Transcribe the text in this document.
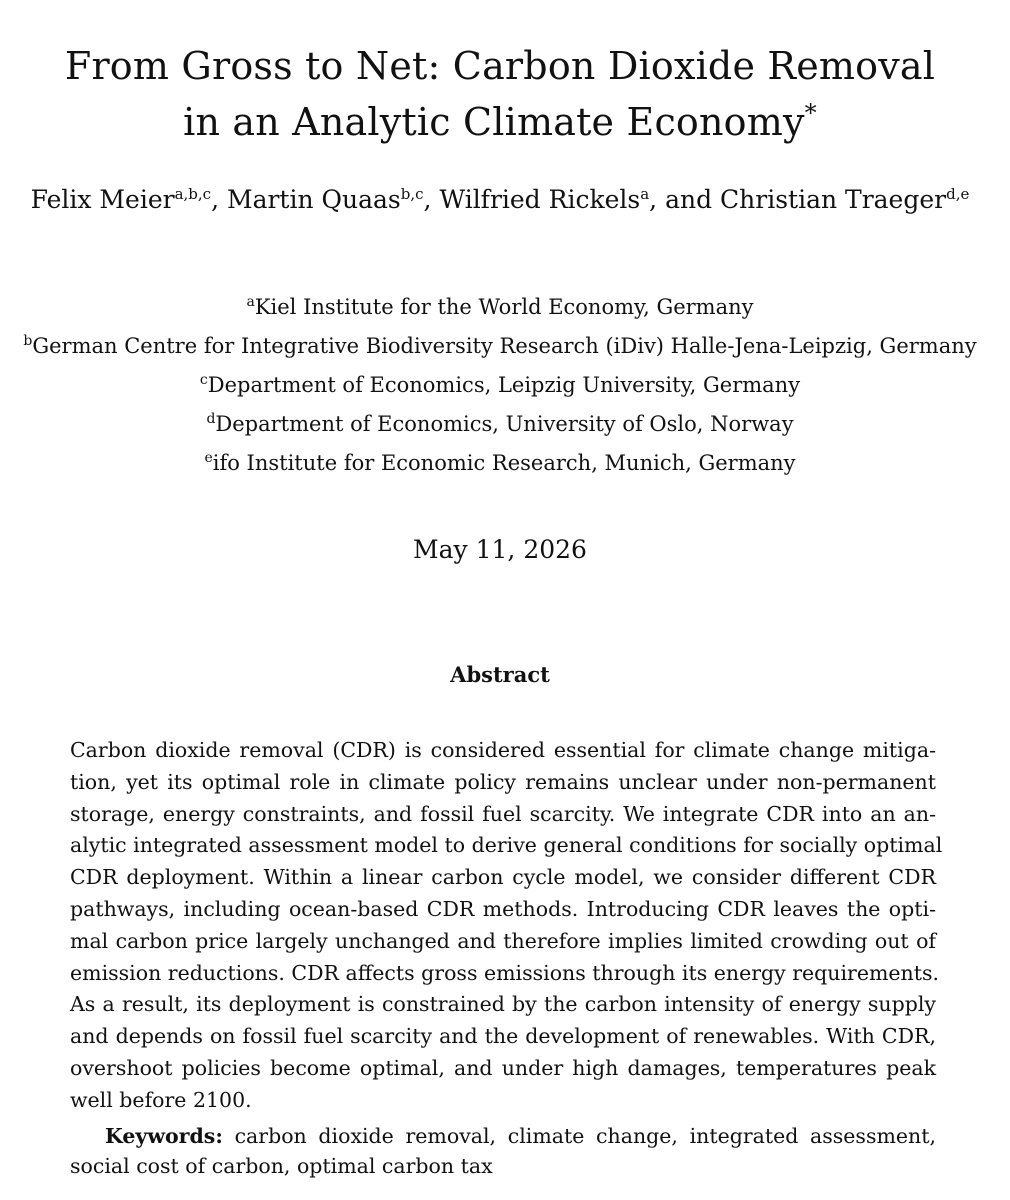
From Gross to Net: Carbon Dioxide Removal
in an Analytic Climate Economy*
Felix Meier$^{a,b,c}$, Martin Quaas$^{b,c}$, Wilfried Rickels$^a$, and Christian Traeger$^{d,e}$
$^a$Kiel Institute for the World Economy, Germany
$^b$German Centre for Integrative Biodiversity Research (iDiv) Halle-Jena-Leipzig, Germany
$^c$Department of Economics, Leipzig University, Germany
$^d$Department of Economics, University of Oslo, Norway
$^e$ifo Institute for Economic Research, Munich, Germany
May 11, 2026
Abstract
Carbon dioxide removal (CDR) is considered essential for climate change mitiga-
tion, yet its optimal role in climate policy remains unclear under non-permanent
storage, energy constraints, and fossil fuel scarcity. We integrate CDR into an an-
alytic integrated assessment model to derive general conditions for socially optimal
CDR deployment. Within a linear carbon cycle model, we consider different CDR
pathways, including ocean-based CDR methods. Introducing CDR leaves the opti-
mal carbon price largely unchanged and therefore implies limited crowding out of
emission reductions. CDR affects gross emissions through its energy requirements.
As a result, its deployment is constrained by the carbon intensity of energy supply
and depends on fossil fuel scarcity and the development of renewables. With CDR,
overshoot policies become optimal, and under high damages, temperatures peak
well before 2100.
Keywords: carbon dioxide removal, climate change, integrated assessment,
social cost of carbon, optimal carbon tax
